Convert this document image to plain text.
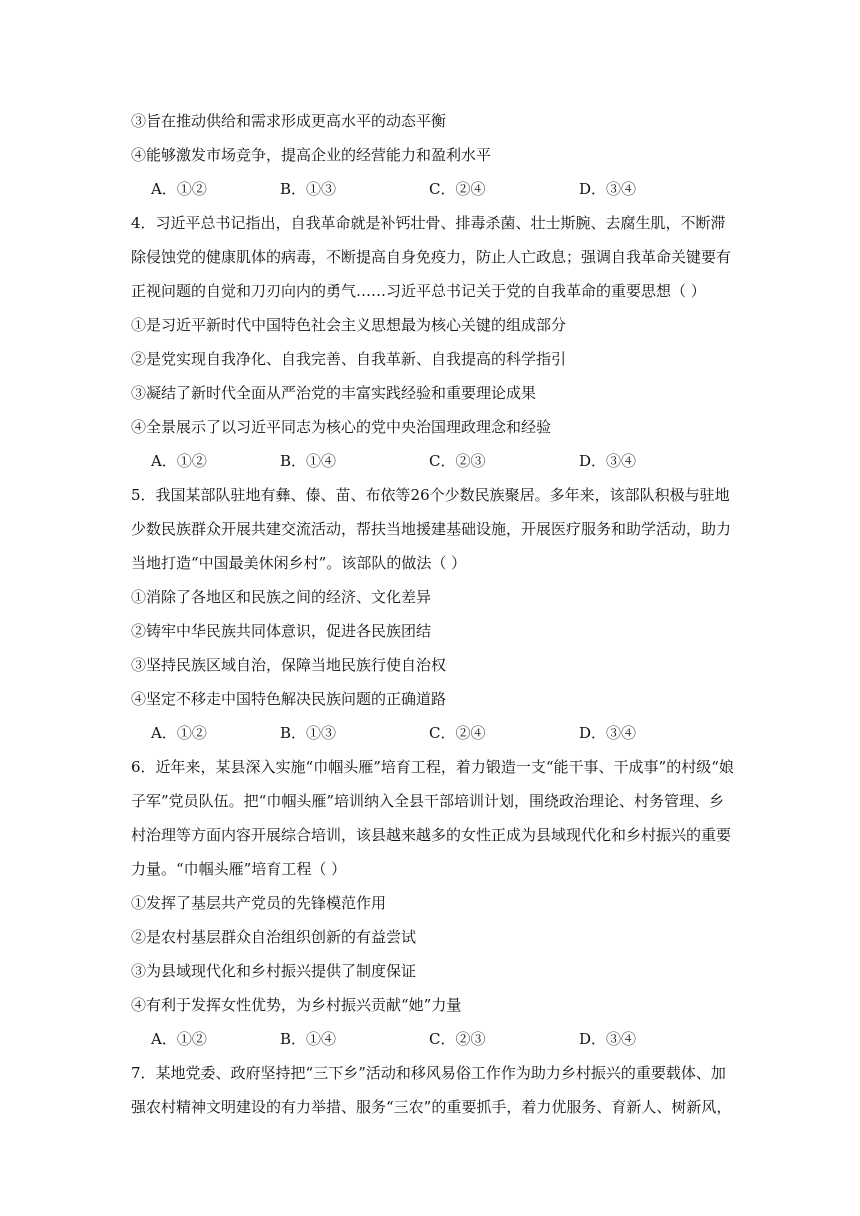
③旨在推动供给和需求形成更高水平的动态平衡
④能够激发市场竞争，提高企业的经营能力和盈利水平
A．①②	B．①③	C．②④	D．③④
4．习近平总书记指出，自我革命就是补钙壮骨、排毒杀菌、壮士斯腕、去腐生肌，不断滞
除侵蚀党的健康肌体的病毒，不断提高自身免疫力，防止人亡政息；强调自我革命关键要有
正视问题的自觉和刀刃向内的勇气……习近平总书记关于党的自我革命的重要思想（ ）
①是习近平新时代中国特色社会主义思想最为核心关键的组成部分
②是党实现自我净化、自我完善、自我革新、自我提高的科学指引
③凝结了新时代全面从严治党的丰富实践经验和重要理论成果
④全景展示了以习近平同志为核心的党中央治国理政理念和经验
A．①②	B．①④	C．②③	D．③④
5．我国某部队驻地有彝、傣、苗、布依等26个少数民族聚居。多年来，该部队积极与驻地
少数民族群众开展共建交流活动，帮扶当地援建基础设施，开展医疗服务和助学活动，助力
当地打造“中国最美休闲乡村”。该部队的做法（ ）
①消除了各地区和民族之间的经济、文化差异
②铸牢中华民族共同体意识，促进各民族团结
③坚持民族区域自治，保障当地民族行使自治权
④坚定不移走中国特色解决民族问题的正确道路
A．①②	B．①③	C．②④	D．③④
6．近年来，某县深入实施“巾帼头雁”培育工程，着力锻造一支“能干事、干成事”的村级“娘
子军”党员队伍。把“巾帼头雁”培训纳入全县干部培训计划，围绕政治理论、村务管理、乡
村治理等方面内容开展综合培训，该县越来越多的女性正成为县域现代化和乡村振兴的重要
力量。“巾帼头雁”培育工程（ ）
①发挥了基层共产党员的先锋模范作用
②是农村基层群众自治组织创新的有益尝试
③为县域现代化和乡村振兴提供了制度保证
④有利于发挥女性优势，为乡村振兴贡献“她”力量
A．①②	B．①④	C．②③	D．③④
7．某地党委、政府坚持把“三下乡”活动和移风易俗工作作为助力乡村振兴的重要载体、加
强农村精神文明建设的有力举措、服务“三农”的重要抓手，着力优服务、育新人、树新风，
